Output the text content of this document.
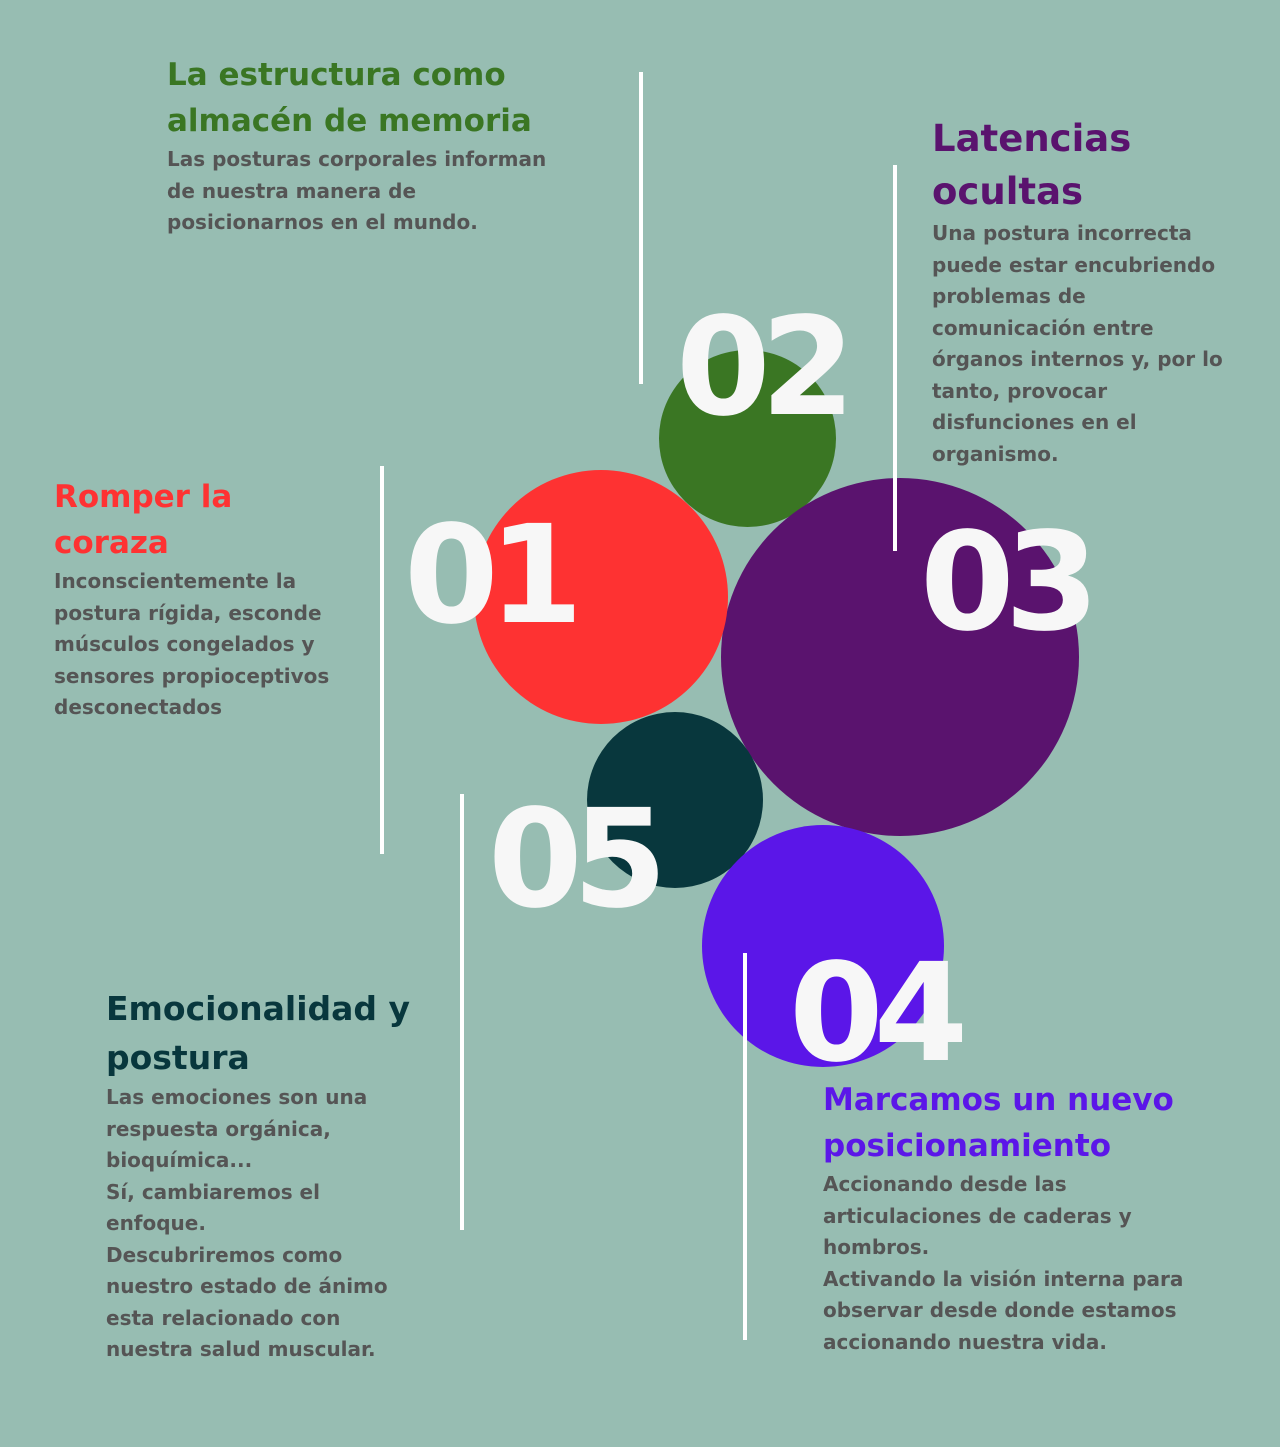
02
01	03
05
04
La estructura como
almacén de memoria

Las posturas corporales informan
de nuestra manera de
posicionarnos en el mundo.

Latencias
ocultas

Una postura incorrecta
puede estar encubriendo
problemas de
comunicación entre
órganos internos y, por lo
tanto, provocar
disfunciones en el
organismo.

Romper la
coraza

Inconscientemente la
postura rígida, esconde
músculos congelados y
sensores propioceptivos
desconectados

Emocionalidad y
postura

Las emociones son una
respuesta orgánica,
bioquímica...
Sí, cambiaremos el
enfoque.
Descubriremos como
nuestro estado de ánimo
esta relacionado con
nuestra salud muscular.

Marcamos un nuevo
posicionamiento

Accionando desde las
articulaciones de caderas y
hombros.
Activando la visión interna para
observar desde donde estamos
accionando nuestra vida.
